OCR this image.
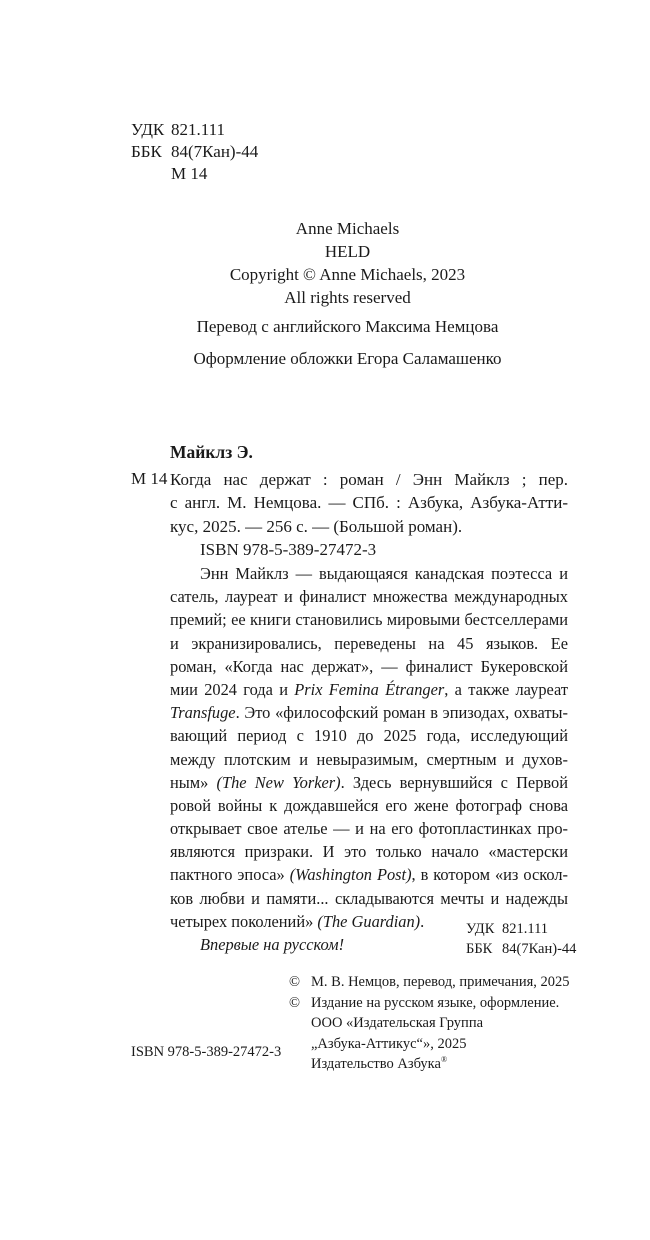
УДК 821.111
ББК 84(7Кан)-44
М 14
Anne Michaels
HELD
Copyright © Anne Michaels, 2023
All rights reserved
Перевод с английского Максима Немцова
Оформление обложки Егора Саламашенко
Майклз Э.
М 14 Когда нас держат : роман / Энн Майклз ; пер.
с англ. М. Немцова. — СПб. : Азбука, Азбука-Атти-
кус, 2025. — 256 с. — (Большой роман).
ISBN 978-5-389-27472-3
Энн Майклз — выдающаяся канадская поэтесса и
сатель, лауреат и финалист множества международных
премий; ее книги становились мировыми бестселлерами
и экранизировались, переведены на 45 языков. Ее
роман, «Когда нас держат», — финалист Букеровской
мии 2024 года и Prix Femina Étranger, а также лауреат
Transfuge. Это «философский роман в эпизодах, охваты-
вающий период с 1910 до 2025 года, исследующий
между плотским и невыразимым, смертным и духов-
ным» (The New Yorker). Здесь вернувшийся с Первой
ровой войны к дождавшейся его жене фотограф снова
открывает свое ателье — и на его фотопластинках про-
являются призраки. И это только начало «мастерски
пактного эпоса» (Washington Post), в котором «из оскол-
ков любви и памяти... складываются мечты и надежды
четырех поколений» (The Guardian).
Впервые на русском!
УДК 821.111
ББК 84(7Кан)-44
© М. В. Немцов, перевод, примечания, 2025
© Издание на русском языке, оформление.
ООО «Издательская Группа
„Азбука-Аттикус“», 2025
Издательство Азбука®
ISBN 978-5-389-27472-3
